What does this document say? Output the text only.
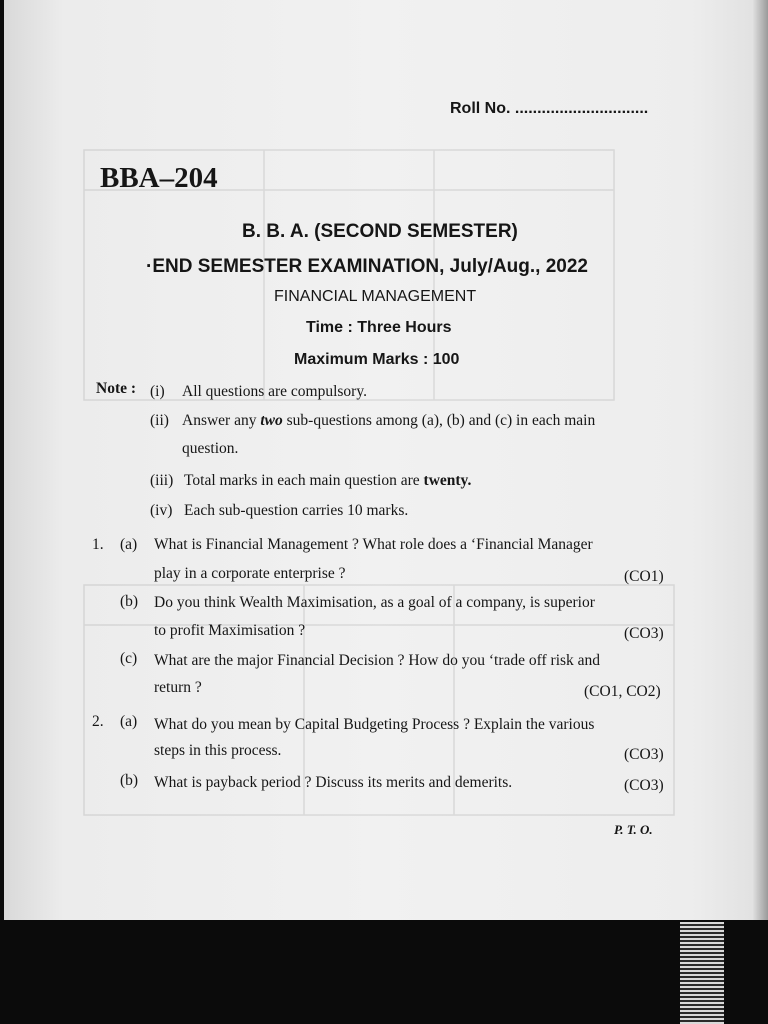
Roll No. ..............................
BBA–204
B. B. A. (SECOND SEMESTER)
·END SEMESTER EXAMINATION, July/Aug., 2022
FINANCIAL MANAGEMENT
Time : Three Hours
Maximum Marks : 100
Note : (i) All questions are compulsory.
(ii) Answer any two sub-questions among (a), (b) and (c) in each main
question.
(iii) Total marks in each main question are twenty.
(iv) Each sub-question carries 10 marks.
1. (a) What is Financial Management ? What role does a ‘Financial Manager
play in a corporate enterprise ?	(CO1)
(b) Do you think Wealth Maximisation, as a goal of a company, is superior
to profit Maximisation ?	(CO3)
(c) What are the major Financial Decision ? How do you ‘trade off risk and
return ?	(CO1, CO2)
2. (a) What do you mean by Capital Budgeting Process ? Explain the various
steps in this process.	(CO3)
(b) What is payback period ? Discuss its merits and demerits.	(CO3)
P. T. O.
